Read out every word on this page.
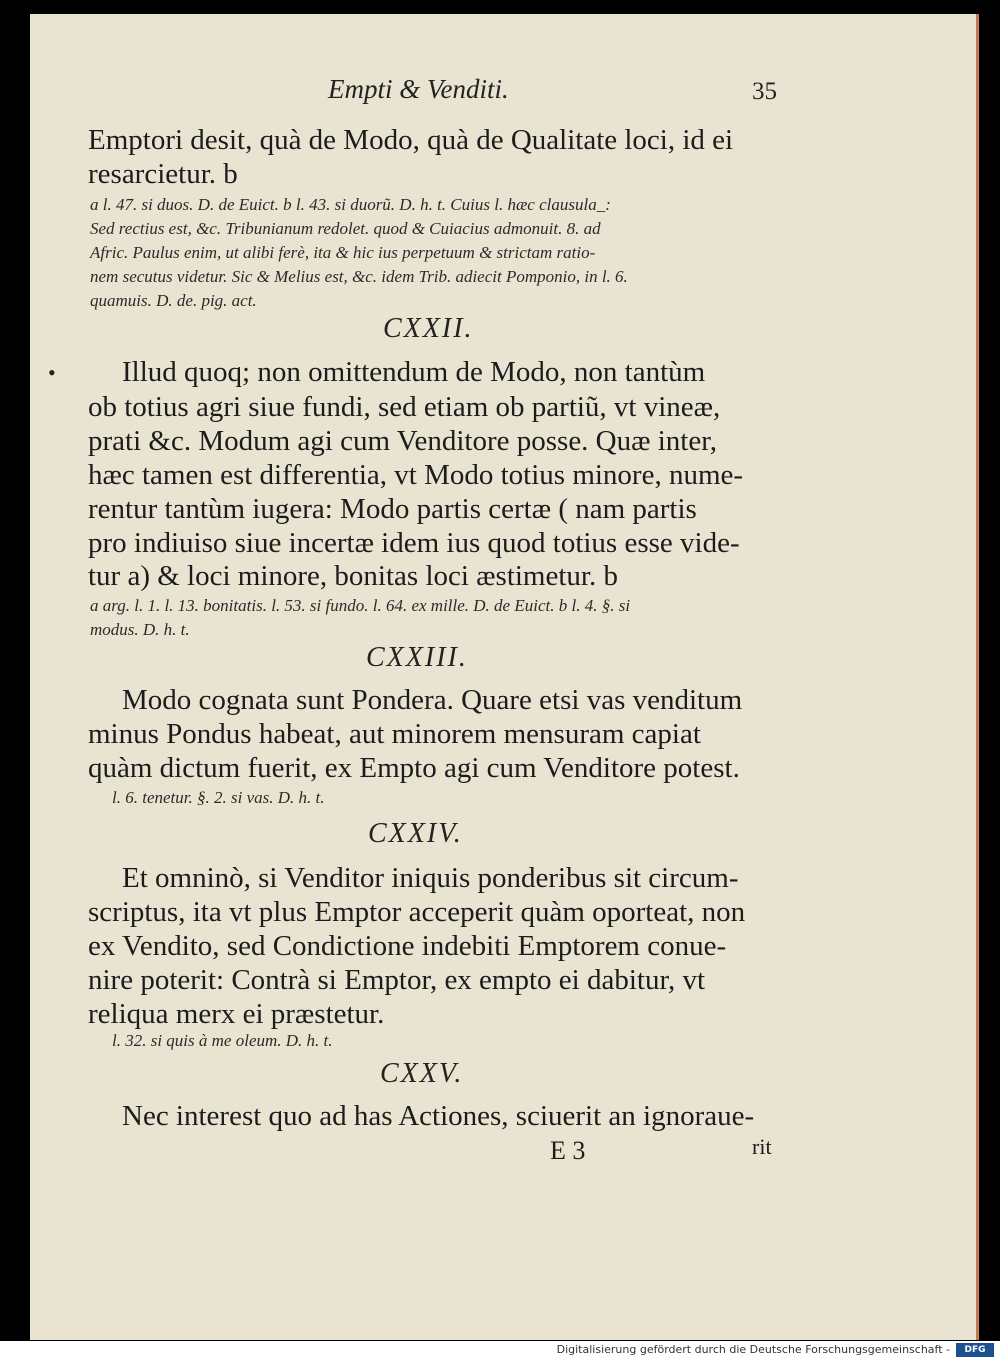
Empti & Venditi.	35
Emptori desit, quà de Modo, quà de Qualitate loci, id ei
resarcietur. b
a l. 47. si duos. D. de Euict. b l. 43. si duorũ. D. h. t. Cuius l. hæc clausula_:
Sed rectius est, &c. Tribunianum redolet. quod & Cuiacius admonuit. 8. ad
Afric. Paulus enim, ut alibi ferè, ita & hic ius perpetuum & strictam ratio-
nem secutus videtur. Sic & Melius est, &c. idem Trib. adiecit Pomponio, in l. 6.
quamuis. D. de. pig. act.
CXXII.
• Illud quoq; non omittendum de Modo, non tantùm
ob totius agri siue fundi, sed etiam ob partiũ, vt vineæ,
prati &c. Modum agi cum Venditore posse. Quæ inter,
hæc tamen est differentia, vt Modo totius minore, nume-
rentur tantùm iugera: Modo partis certæ ( nam partis
pro indiuiso siue incertæ idem ius quod totius esse vide-
tur a) & loci minore, bonitas loci æstimetur. b
a arg. l. 1. l. 13. bonitatis. l. 53. si fundo. l. 64. ex mille. D. de Euict. b l. 4. §. si
modus. D. h. t.
CXXIII.
Modo cognata sunt Pondera. Quare etsi vas venditum
minus Pondus habeat, aut minorem mensuram capiat
quàm dictum fuerit, ex Empto agi cum Venditore potest.
l. 6. tenetur. §. 2. si vas. D. h. t.
CXXIV.
Et omninò, si Venditor iniquis ponderibus sit circum-
scriptus, ita vt plus Emptor acceperit quàm oporteat, non
ex Vendito, sed Condictione indebiti Emptorem conue-
nire poterit: Contrà si Emptor, ex empto ei dabitur, vt
reliqua merx ei præstetur.
l. 32. si quis à me oleum. D. h. t.
CXXV.
Nec interest quo ad has Actiones, sciuerit an ignoraue-
E 3	rit
Digitalisierung gefördert durch die Deutsche Forschungsgemeinschaft -	DFG
